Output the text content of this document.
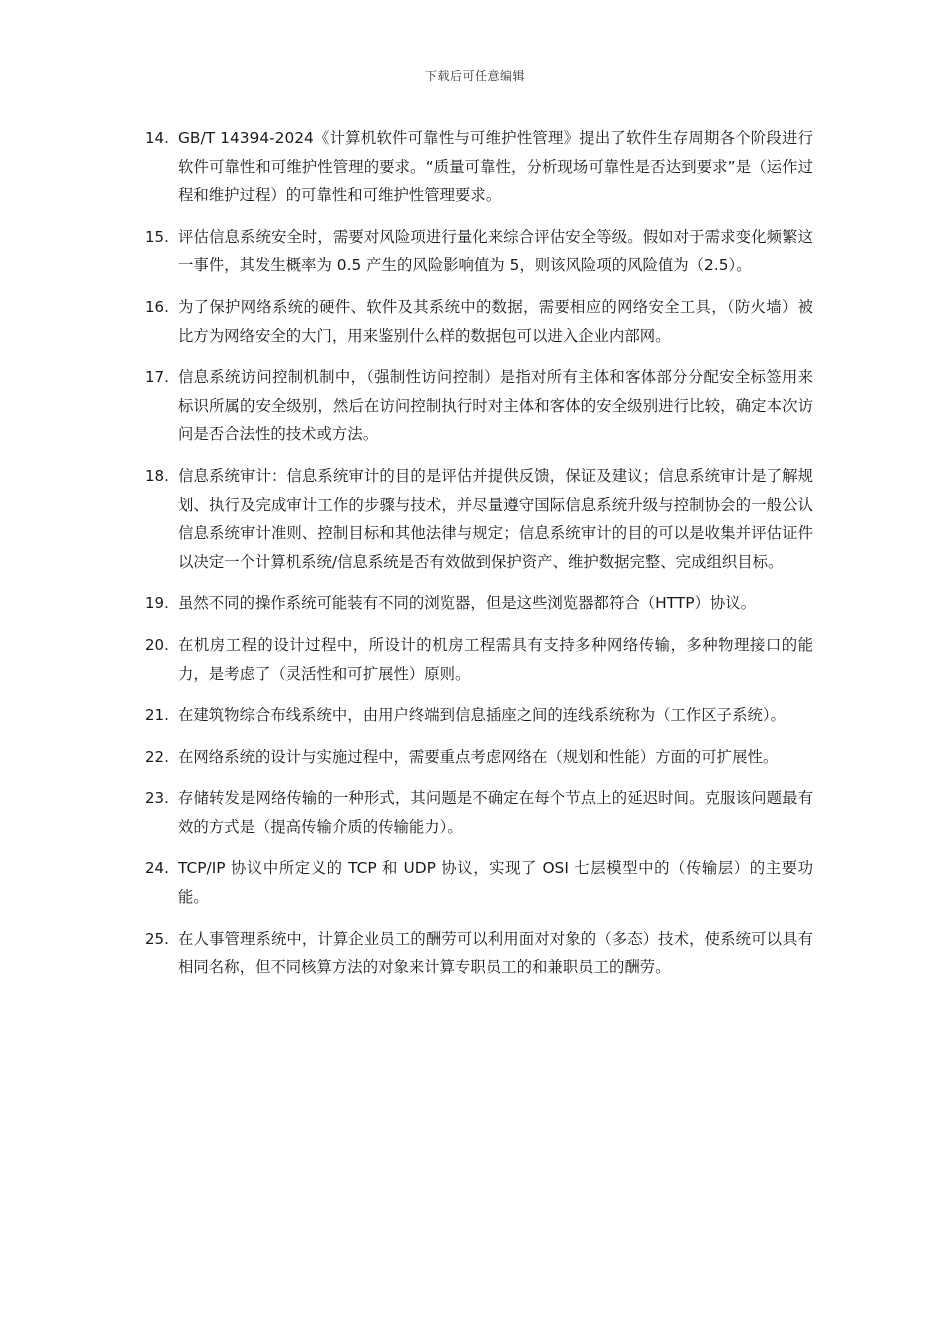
下载后可任意编辑
14. GB/T 14394-2024《计算机软件可靠性与可维护性管理》提出了软件生存周期各个阶段进行软件可靠性和可维护性管理的要求。“质量可靠性，分析现场可靠性是否达到要求”是（运作过程和维护过程）的可靠性和可维护性管理要求。
15. 评估信息系统安全时，需要对风险项进行量化来综合评估安全等级。假如对于需求变化频繁这一事件，其发生概率为 0.5 产生的风险影响值为 5，则该风险项的风险值为（2.5）。
16. 为了保护网络系统的硬件、软件及其系统中的数据，需要相应的网络安全工具，（防火墙）被比方为网络安全的大门，用来鉴别什么样的数据包可以进入企业内部网。
17. 信息系统访问控制机制中，（强制性访问控制）是指对所有主体和客体部分分配安全标签用来标识所属的安全级别，然后在访问控制执行时对主体和客体的安全级别进行比较，确定本次访问是否合法性的技术或方法。
18. 信息系统审计：信息系统审计的目的是评估并提供反馈，保证及建议；信息系统审计是了解规划、执行及完成审计工作的步骤与技术，并尽量遵守国际信息系统升级与控制协会的一般公认信息系统审计准则、控制目标和其他法律与规定；信息系统审计的目的可以是收集并评估证件以决定一个计算机系统/信息系统是否有效做到保护资产、维护数据完整、完成组织目标。
19. 虽然不同的操作系统可能装有不同的浏览器，但是这些浏览器都符合（HTTP）协议。
20. 在机房工程的设计过程中，所设计的机房工程需具有支持多种网络传输，多种物理接口的能力，是考虑了（灵活性和可扩展性）原则。
21. 在建筑物综合布线系统中，由用户终端到信息插座之间的连线系统称为（工作区子系统）。
22. 在网络系统的设计与实施过程中，需要重点考虑网络在（规划和性能）方面的可扩展性。
23. 存储转发是网络传输的一种形式，其问题是不确定在每个节点上的延迟时间。克服该问题最有效的方式是（提高传输介质的传输能力）。
24. TCP/IP 协议中所定义的 TCP 和 UDP 协议，实现了 OSI 七层模型中的（传输层）的主要功能。
25. 在人事管理系统中，计算企业员工的酬劳可以利用面对对象的（多态）技术，使系统可以具有相同名称，但不同核算方法的对象来计算专职员工的和兼职员工的酬劳。
